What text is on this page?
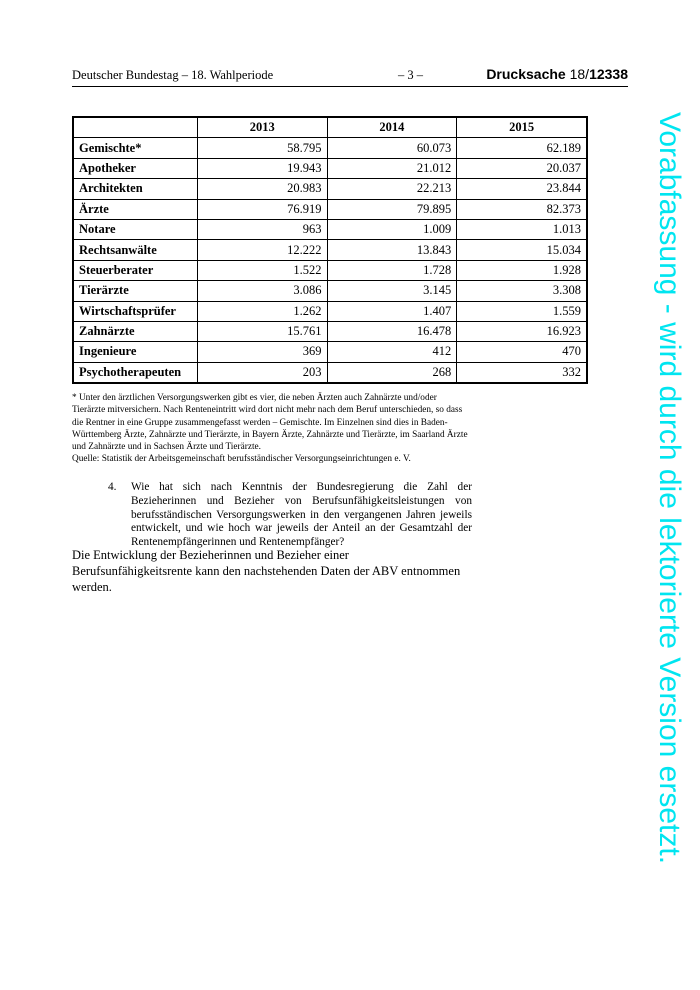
Deutscher Bundestag – 18. Wahlperiode	– 3 –	Drucksache 18/12338
	2013	2014	2015
Gemischte*	58.795	60.073	62.189
Apotheker	19.943	21.012	20.037
Architekten	20.983	22.213	23.844
Ärzte	76.919	79.895	82.373
Notare	963	1.009	1.013
Rechtsanwälte	12.222	13.843	15.034
Steuerberater	1.522	1.728	1.928
Tierärzte	3.086	3.145	3.308
Wirtschaftsprüfer	1.262	1.407	1.559
Zahnärzte	15.761	16.478	16.923
Ingenieure	369	412	470
Psychotherapeuten	203	268	332

* Unter den ärztlichen Versorgungswerken gibt es vier, die neben Ärzten auch Zahnärzte und/oder Tierärzte mitversichern. Nach Renteneintritt wird dort nicht mehr nach dem Beruf unterschieden, so dass die Rentner in eine Gruppe zusammengefasst werden – Gemischte. Im Einzelnen sind dies in Baden-Württemberg Ärzte, Zahnärzte und Tierärzte, in Bayern Ärzte, Zahnärzte und Tierärzte, im Saarland Ärzte und Zahnärzte und in Sachsen Ärzte und Tierärzte.

Quelle: Statistik der Arbeitsgemeinschaft berufsständischer Versorgungseinrichtungen e. V.

4. Wie hat sich nach Kenntnis der Bundesregierung die Zahl der Bezieherinnen und Bezieher von Berufsunfähigkeitsleistungen von berufsständischen Versorgungswerken in den vergangenen Jahren jeweils entwickelt, und wie hoch war jeweils der Anteil an der Gesamtzahl der Rentenempfängerinnen und Rentenempfänger?
Die Entwicklung der Bezieherinnen und Bezieher einer Berufsunfähigkeitsrente kann den nachstehenden Daten der ABV entnommen werden.	Vorabfassung - wird durch die lektorierte Version ersetzt.
